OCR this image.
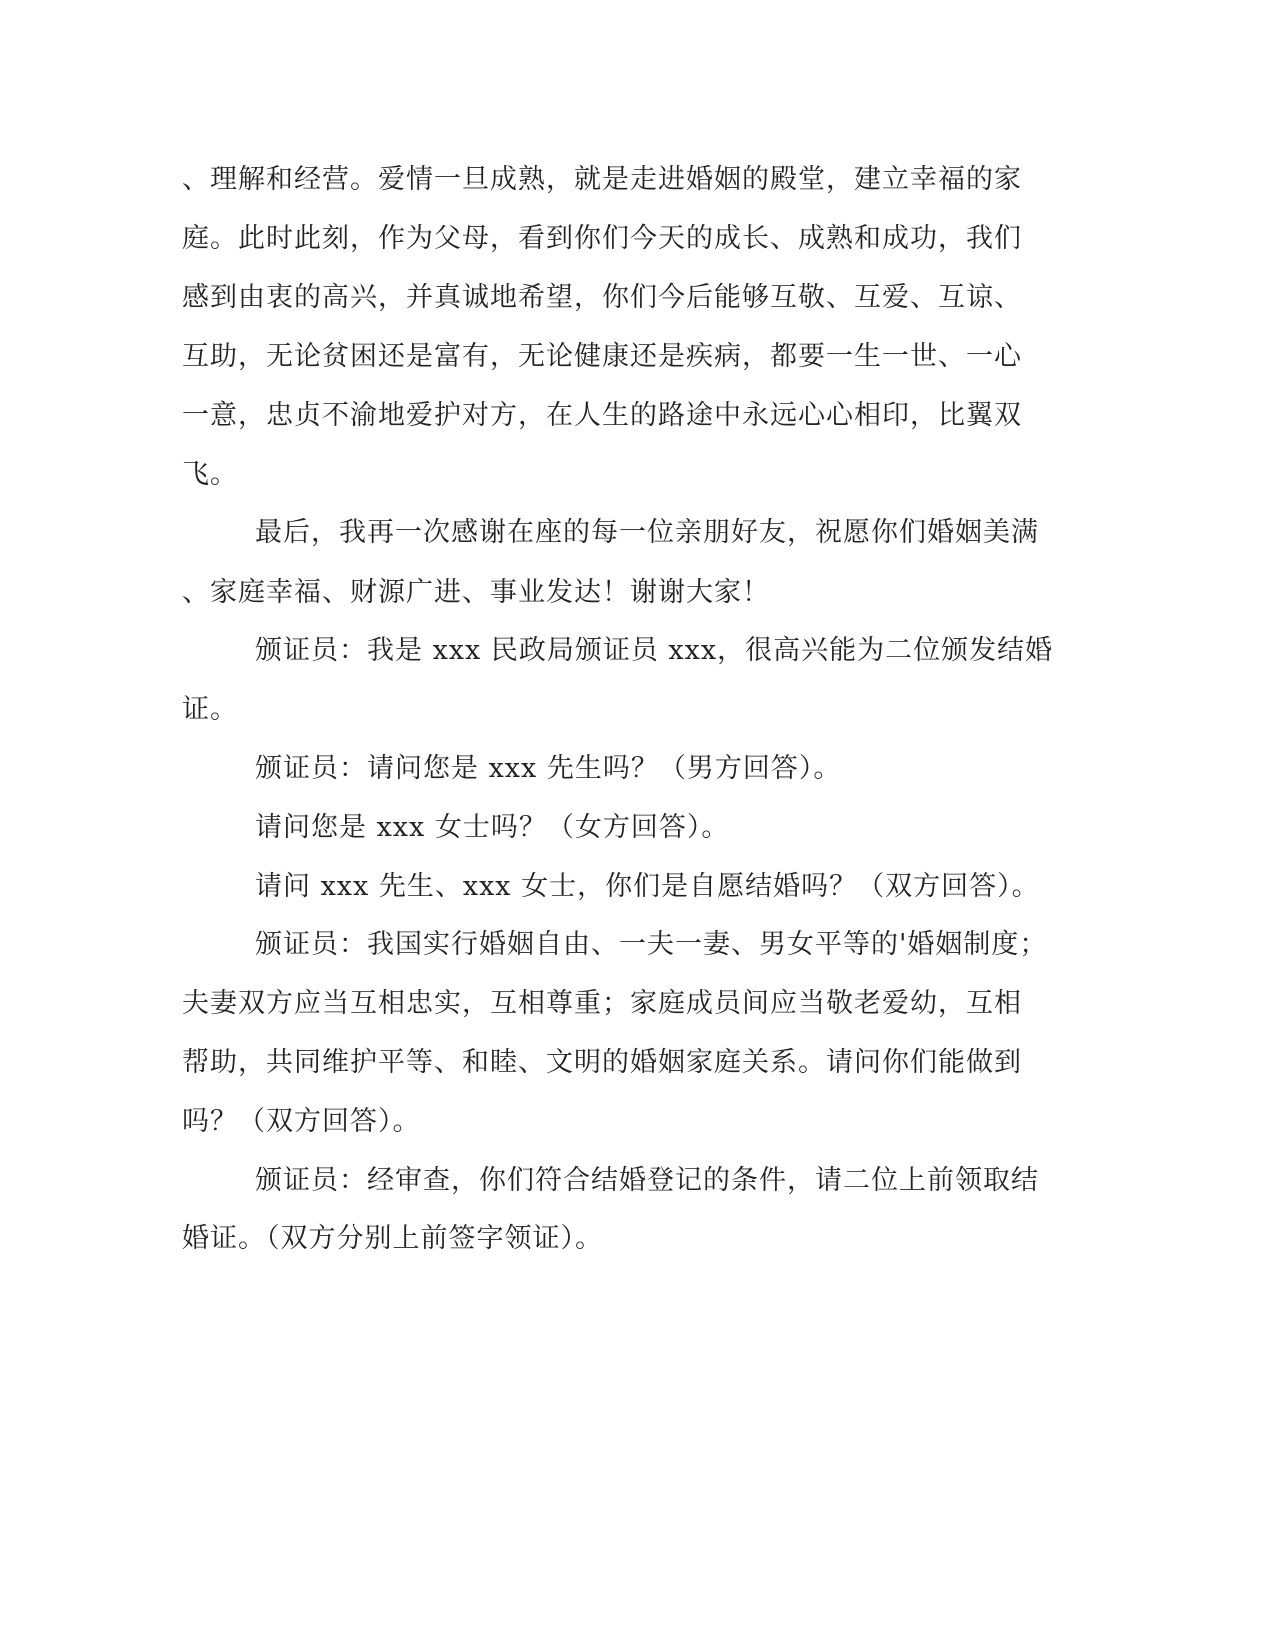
、理解和经营。爱情一旦成熟，就是走进婚姻的殿堂，建立幸福的家
庭。此时此刻，作为父母，看到你们今天的成长、成熟和成功，我们
感到由衷的高兴，并真诚地希望，你们今后能够互敬、互爱、互谅、
互助，无论贫困还是富有，无论健康还是疾病，都要一生一世、一心
一意，忠贞不渝地爱护对方，在人生的路途中永远心心相印，比翼双
飞。
最后，我再一次感谢在座的每一位亲朋好友，祝愿你们婚姻美满
、家庭幸福、财源广进、事业发达！谢谢大家！
颁证员：我是 xxx 民政局颁证员 xxx，很高兴能为二位颁发结婚
证。
颁证员：请问您是 xxx 先生吗？（男方回答）。
请问您是 xxx 女士吗？（女方回答）。
请问 xxx 先生、xxx 女士，你们是自愿结婚吗？（双方回答）。
颁证员：我国实行婚姻自由、一夫一妻、男女平等的'婚姻制度；
夫妻双方应当互相忠实，互相尊重；家庭成员间应当敬老爱幼，互相
帮助，共同维护平等、和睦、文明的婚姻家庭关系。请问你们能做到
吗？（双方回答）。
颁证员：经审查，你们符合结婚登记的条件，请二位上前领取结
婚证。（双方分别上前签字领证）。
